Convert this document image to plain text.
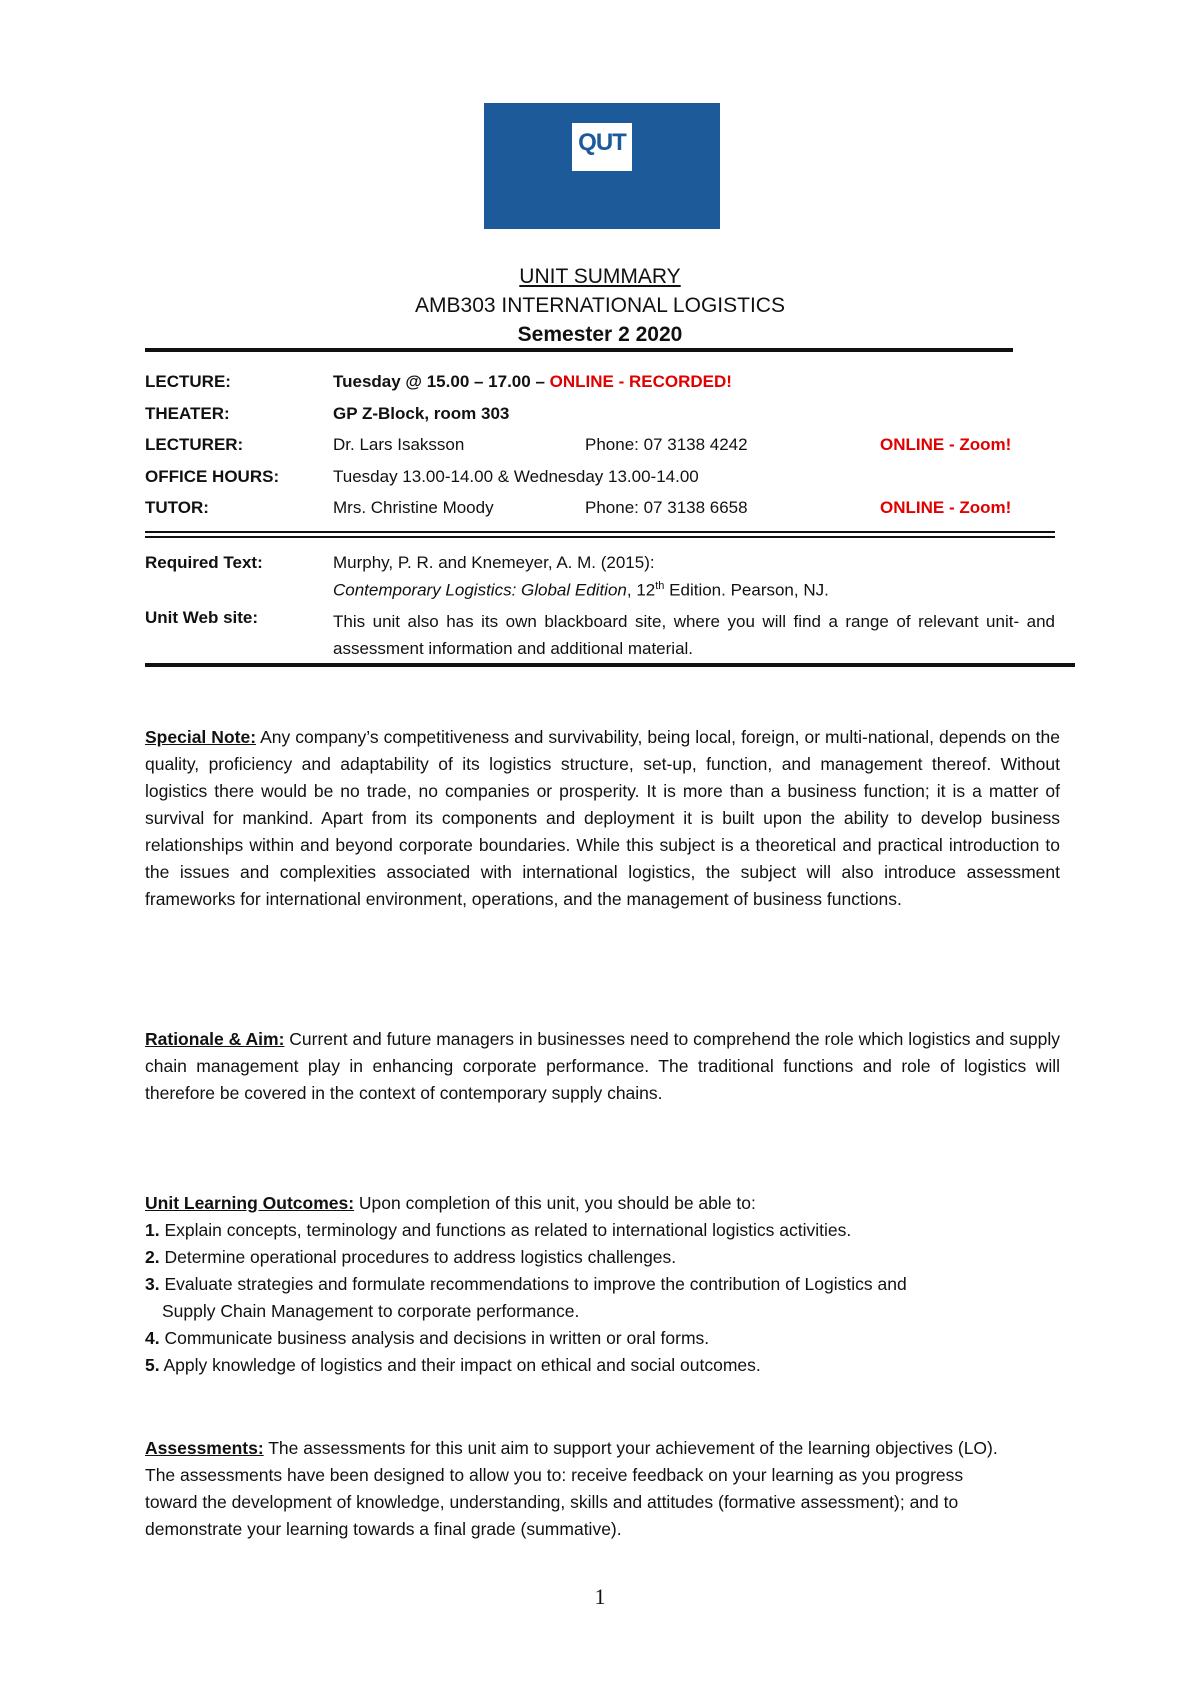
QUT
UNIT SUMMARY
AMB303 INTERNATIONAL LOGISTICS
Semester 2 2020
LECTURE:	Tuesday @ 15.00 – 17.00 – ONLINE - RECORDED!
THEATER:	GP Z-Block, room 303
LECTURER:	Dr. Lars Isaksson	Phone: 07 3138 4242	ONLINE - Zoom!
OFFICE HOURS:	Tuesday 13.00-14.00 & Wednesday 13.00-14.00
TUTOR:	Mrs. Christine Moody	Phone: 07 3138 6658	ONLINE - Zoom!
Required Text:	Murphy, P. R. and Knemeyer, A. M. (2015):
Contemporary Logistics: Global Edition, 12th Edition. Pearson, NJ.
Unit Web site:	This unit also has its own blackboard site, where you will find a range of relevant unit- and assessment information and additional material.
Special Note: Any company’s competitiveness and survivability, being local, foreign, or multi-national, depends on the quality, proficiency and adaptability of its logistics structure, set-up, function, and management thereof. Without logistics there would be no trade, no companies or prosperity. It is more than a business function; it is a matter of survival for mankind. Apart from its components and deployment it is built upon the ability to develop business relationships within and beyond corporate boundaries. While this subject is a theoretical and practical introduction to the issues and complexities associated with international logistics, the subject will also introduce assessment frameworks for international environment, operations, and the management of business functions.
Rationale & Aim: Current and future managers in businesses need to comprehend the role which logistics and supply chain management play in enhancing corporate performance. The traditional functions and role of logistics will therefore be covered in the context of contemporary supply chains.
Unit Learning Outcomes: Upon completion of this unit, you should be able to:
1. Explain concepts, terminology and functions as related to international logistics activities.
2. Determine operational procedures to address logistics challenges.
3. Evaluate strategies and formulate recommendations to improve the contribution of Logistics and
Supply Chain Management to corporate performance.
4. Communicate business analysis and decisions in written or oral forms.
5. Apply knowledge of logistics and their impact on ethical and social outcomes.
Assessments: The assessments for this unit aim to support your achievement of the learning objectives (LO). The assessments have been designed to allow you to: receive feedback on your learning as you progress toward the development of knowledge, understanding, skills and attitudes (formative assessment); and to demonstrate your learning towards a final grade (summative).
1
